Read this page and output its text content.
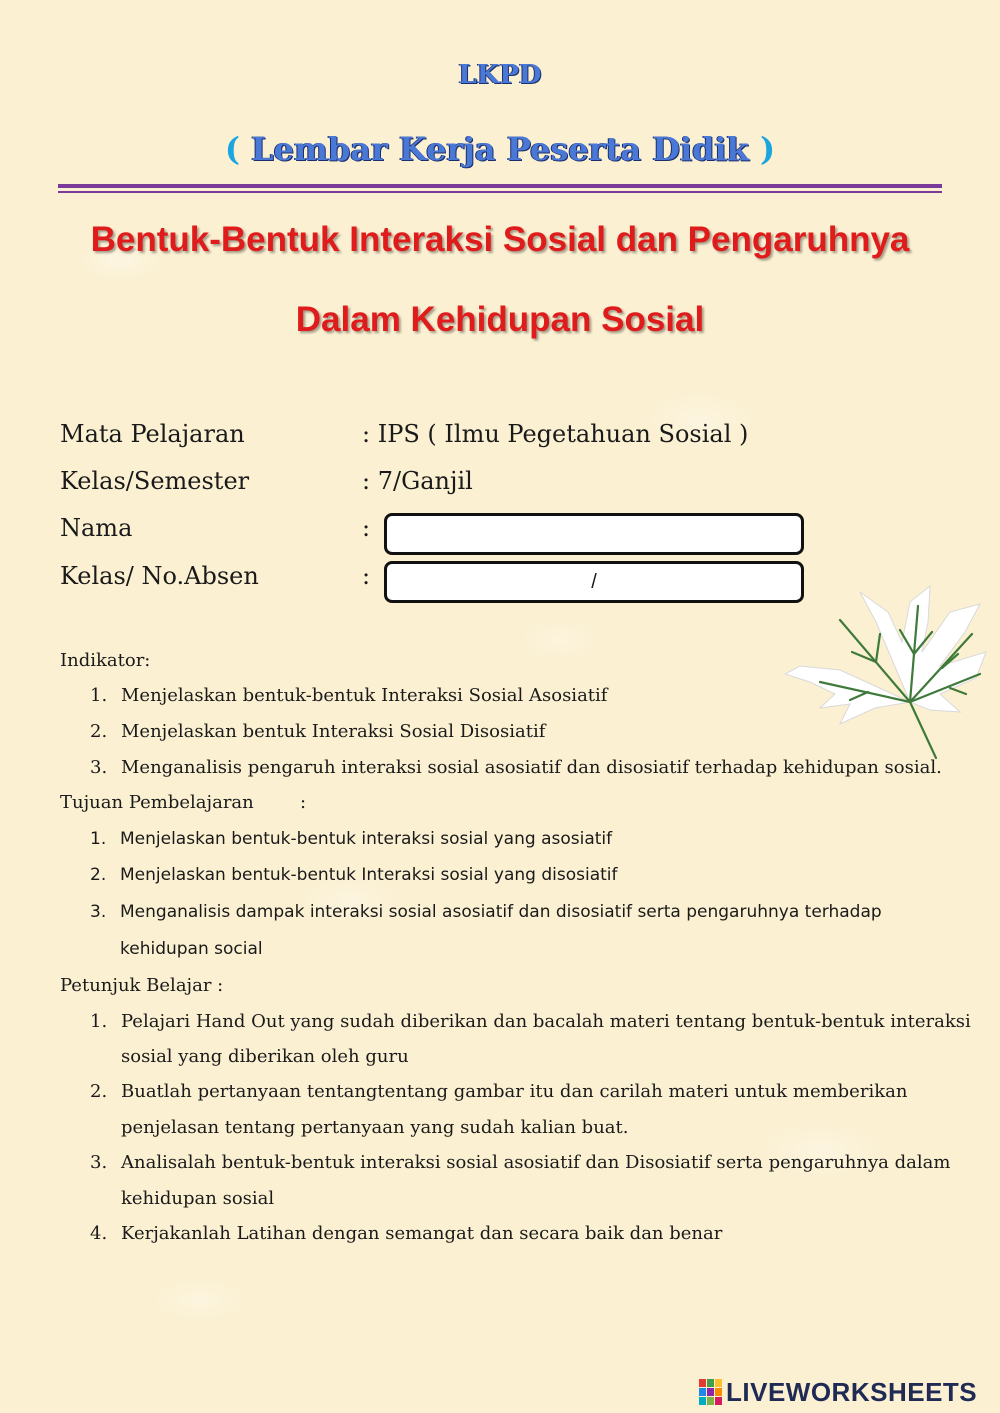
LKPD
( Lembar Kerja Peserta Didik )
Bentuk-Bentuk Interaksi Sosial dan Pengaruhnya
Dalam Kehidupan Sosial
Mata Pelajaran	: IPS ( Ilmu Pegetahuan Sosial )
Kelas/Semester	: 7/Ganjil
Nama	:
Kelas/ No.Absen	:	/
Indikator:
1. Menjelaskan bentuk-bentuk Interaksi Sosial Asosiatif
2. Menjelaskan bentuk Interaksi Sosial Disosiatif
3. Menganalisis pengaruh interaksi sosial asosiatif dan disosiatif terhadap kehidupan sosial.
Tujuan Pembelajaran	:
1. Menjelaskan bentuk-bentuk interaksi sosial yang asosiatif
2. Menjelaskan bentuk-bentuk Interaksi sosial yang disosiatif
3. Menganalisis dampak interaksi sosial asosiatif dan disosiatif serta pengaruhnya terhadap
kehidupan social
Petunjuk Belajar :
1. Pelajari Hand Out yang sudah diberikan dan bacalah materi tentang bentuk-bentuk interaksi
sosial yang diberikan oleh guru
2. Buatlah pertanyaan tentangtentang gambar itu dan carilah materi untuk memberikan
penjelasan tentang pertanyaan yang sudah kalian buat.
3. Analisalah bentuk-bentuk interaksi sosial asosiatif dan Disosiatif serta pengaruhnya dalam
kehidupan sosial
4. Kerjakanlah Latihan dengan semangat dan secara baik dan benar
LIVEWORKSHEETS
